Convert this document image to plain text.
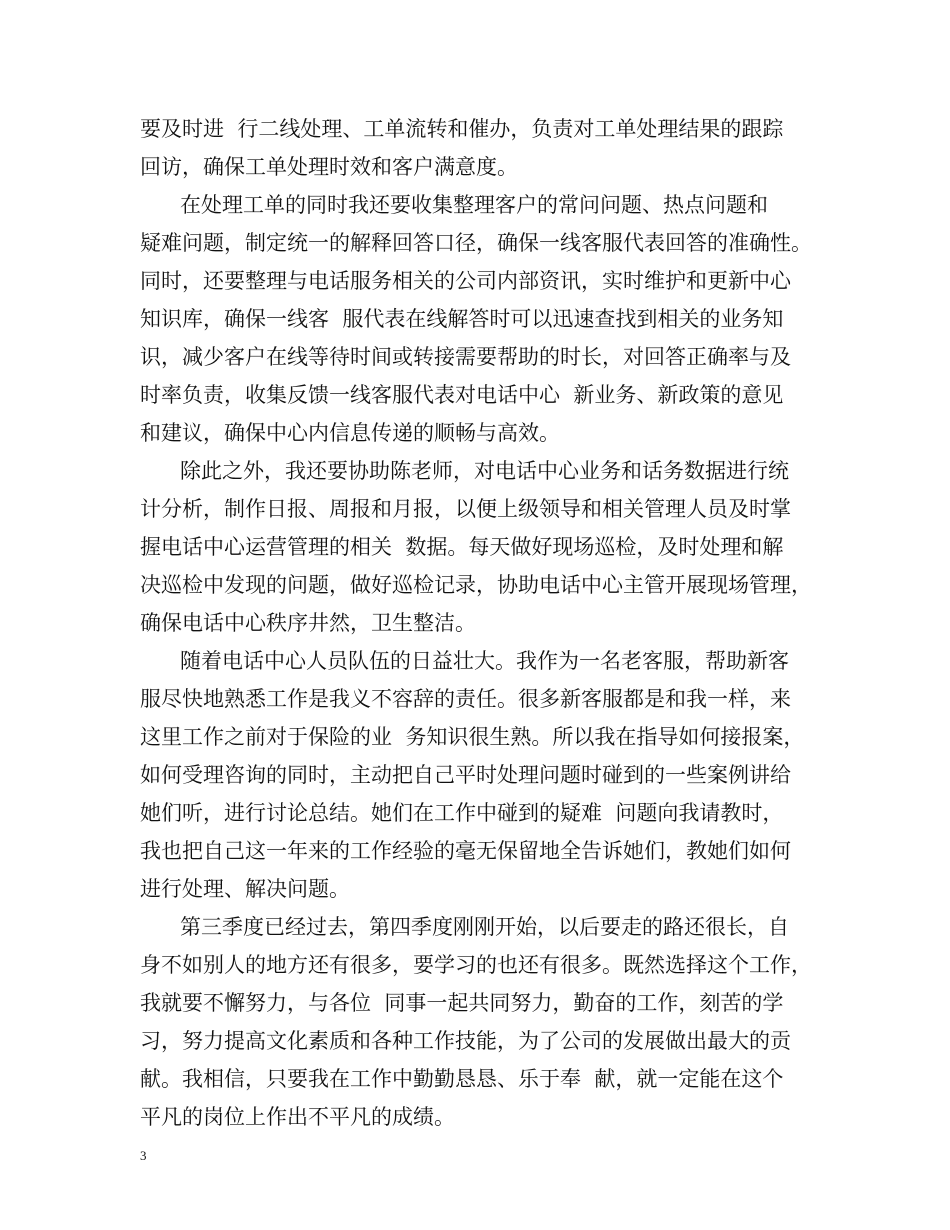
要及时进  行二线处理、工单流转和催办，负责对工单处理结果的跟踪
回访，确保工单处理时效和客户满意度。
在处理工单的同时我还要收集整理客户的常问问题、热点问题和
疑难问题，制定统一的解释回答口径，确保一线客服代表回答的准确性。
同时，还要整理与电话服务相关的公司内部资讯，实时维护和更新中心
知识库，确保一线客  服代表在线解答时可以迅速查找到相关的业务知
识，减少客户在线等待时间或转接需要帮助的时长，对回答正确率与及
时率负责，收集反馈一线客服代表对电话中心  新业务、新政策的意见
和建议，确保中心内信息传递的顺畅与高效。
除此之外，我还要协助陈老师，对电话中心业务和话务数据进行统
计分析，制作日报、周报和月报，以便上级领导和相关管理人员及时掌
握电话中心运营管理的相关  数据。每天做好现场巡检，及时处理和解
决巡检中发现的问题，做好巡检记录，协助电话中心主管开展现场管理，
确保电话中心秩序井然，卫生整洁。
随着电话中心人员队伍的日益壮大。我作为一名老客服，帮助新客
服尽快地熟悉工作是我义不容辞的责任。很多新客服都是和我一样，来
这里工作之前对于保险的业  务知识很生熟。所以我在指导如何接报案，
如何受理咨询的同时，主动把自己平时处理问题时碰到的一些案例讲给
她们听，进行讨论总结。她们在工作中碰到的疑难  问题向我请教时，
我也把自己这一年来的工作经验的毫无保留地全告诉她们，教她们如何
进行处理、解决问题。
第三季度已经过去，第四季度刚刚开始，以后要走的路还很长，自
身不如别人的地方还有很多，要学习的也还有很多。既然选择这个工作，
我就要不懈努力，与各位  同事一起共同努力，勤奋的工作，刻苦的学
习，努力提高文化素质和各种工作技能，为了公司的发展做出最大的贡
献。我相信，只要我在工作中勤勤恳恳、乐于奉  献，就一定能在这个
平凡的岗位上作出不平凡的成绩。
3
